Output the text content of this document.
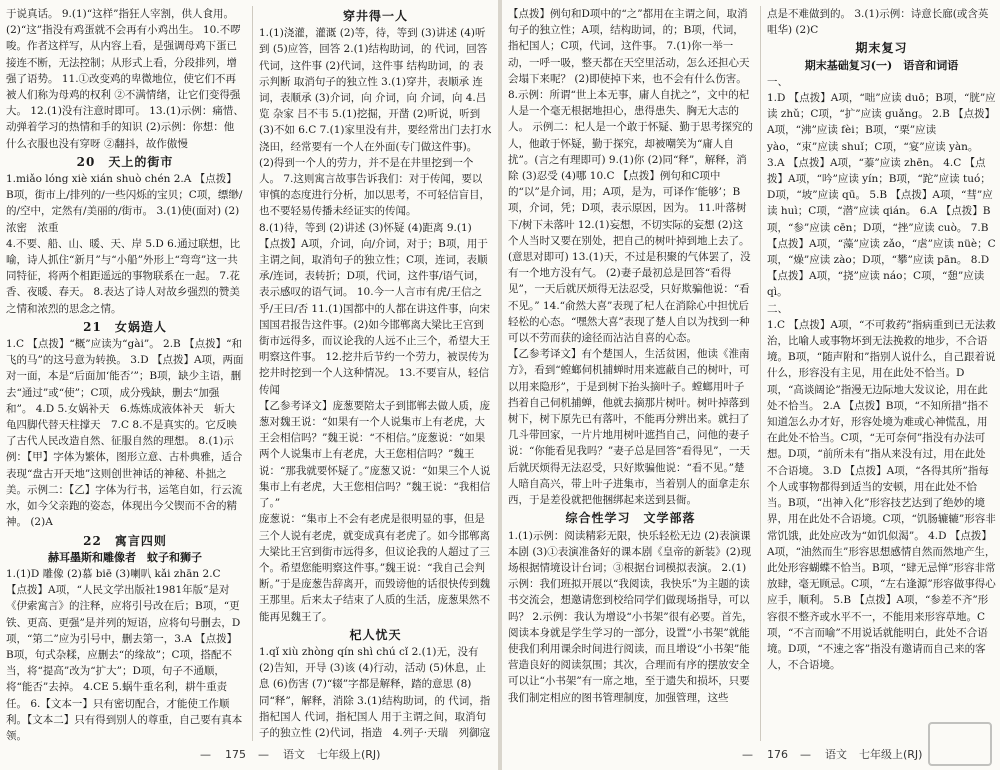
于说真话。 9.(1)“这样”指狂人宰割，供人食用。 (2)“这”指没有鸡蛋就不会再有小鸡出生。 10.不啰唆。作者这样写，从内容上看，是强调母鸡下蛋已接连不断，无法控制；从形式上看，分段排列，增强了语势。 11.①改变鸡的卑微地位，使它们不再被人们称为母鸡的权利 ②不满情绪，让它们变得强大。 12.(1)没有注意时即可。 13.(1)示例：痛惜、动弹着学习的热情和手的知识 (2)示例：你想：他什么衣服也没有穿呀 ②翻抖，故作傲慢

20　天上的街市

1.miǎo lóng xiè xián shuò chén 2.A 【点拨】B项，街市上/排列的/一些闪烁的宝贝；C项，缥缈/的/空中，定然有/美丽的/街市。 3.(1)使(面对) (2)浓密　浓重

4.不要、船、山、暖、天、岸 5.D 6.通过联想，比喻，诗人抓住“新月”与“小船”外形上“弯弯”这一共同特征，将两个相距遥远的事物联系在一起。 7.花香、夜暖、春天。 8.表达了诗人对故乡强烈的赞美之情和浓烈的思念之情。

21　女娲造人

1.C 【点拨】“概”应读为“gài”。 2.B 【点拨】“和飞的马”的这号意为转换。 3.D 【点拨】A项，两面对一面，本是“后面加‘能否’”；B项，缺少主语，删去“通过”或“使”；C项，成分残缺，删去“加强和”。 4.D 5.女娲补天　6.炼炼成液体补天　斩大龟四脚代替天柱撑天　7.C 8.不是真实的。它反映了古代人民改造自然、征服自然的理想。 8.(1)示例：【甲】字体为繁体，图形立意、古朴典雅，适合表现“盘古开天地”这则创世神话的神秘、朴拙之美。示例二：【乙】字体为行书，运笔自如，行云流水，如今父亲跑的姿态，体现出今父锲而不舍的精神。 (2)A

22　寓言四则
赫耳墨斯和雕像者　蚊子和狮子

1.(1)D 雕像 (2)慕 biē (3)喇叭 kǎi zhān 2.C 【点拨】A项，“人民文学出版社1981年版”是对《伊索寓言》的注释，应将引号改在后；B项，“更铁、更高、更强”是并列的短语，应将句号删去，D项，“第二”应为引号中，删去第一，3.A 【点拨】B项，句式杂糅，应删去“的缘故”；C项，搭配不当，将“提高”改为“扩大”；D项，句子不通顺，将“能否”去掉。 4.CE 5.蜗牛重名利，耕牛重责任。 6.【文本一】只有密切配合，才能使工作顺利。【文本二】只有得到别人的尊重，自己要有真本领。

穿井得一人

1.(1)浇灌，灌溉 (2)等，待，等到 (3)讲述 (4)听到 (5)应答，回答 2.(1)结构助词，的 代词，回答 代词，这件事 (2)代词，这件事 结构助词，的 表示判断 取消句子的独立性 3.(1)穿井，表顺承 连词，表顺承 (3)介词，向 介词，向 介词，向 4.吕览 杂家 吕不韦 5.(1)挖掘，开凿 (2)听说，听到 (3)不如 6.C 7.(1)家里没有井，要经常出门去打水浇田，经常要有一个人在外面(专门做这件事)。(2)得到一个人的劳力，并不是在井里挖到一个人。 7.这则寓言故事告诉我们：对于传闻，要以审慎的态度进行分析，加以思考，不可轻信盲目，也不要轻易传播未经证实的传闻。

8.(1)待，等到 (2)讲述 (3)怀疑 (4)距离 9.(1)【点拨】A项，介词，向/介词，对于；B项，用于主谓之间，取消句子的独立性；C项，连词，表顺承/连词，表转折；D项，代词，这件事/语气词，表示感叹的语气词。 10.今一人言市有虎/王信之乎/王曰/否 11.(1)国都中的人都在讲这件事，向宋国国君报告这件事。(2)如今邯郸离大梁比王宫到街市远得多，而议论我的人远不止三个，希望大王明察这件事。 12.挖井后节约一个劳力，被误传为挖井时挖到一个人这种情况。 13.不要盲从，轻信传闻

【乙参考译文】庞葱要陪太子到邯郸去做人质，庞葱对魏王说：“如果有一个人说集市上有老虎，大王会相信吗？”魏王说：“不相信。”庞葱说：“如果两个人说集市上有老虎，大王您相信吗？”魏王说：“那我就要怀疑了。”庞葱又说：“如果三个人说集市上有老虎，大王您相信吗？”魏王说：“我相信了。”

庞葱说：“集市上不会有老虎是很明显的事，但是三个人说有老虎，就变成真有老虎了。如今邯郸离大梁比王宫到街市远得多，但议论我的人超过了三个。希望您能明察这件事。”魏王说：“我自己会判断。”于是庞葱告辞离开，而毁谤他的话很快传到魏王那里。后来太子结束了人质的生活，庞葱果然不能再见魏王了。

杞人忧天

1.qǐ xiù zhòng qín shì chú cǐ 2.(1)无，没有 (2)告知，开导 (3)该 (4)行动，活动 (5)休息，止息 (6)伤害 (7)“辍”字都是解释，踏的意思 (8)同“释”，解释，消除 3.(1)结构助词，的 代词，指 指杞国人 代词，指杞国人 用于主谓之间，取消句子的独立性 (2)代词，指造　4.列子·天瑞　列御寇　　

— 175 — 语文 七年级上(RJ)

【点拨】例句和D项中的“之”都用在主谓之间，取消句子的独立性；A项，结构助词，的；B项，代词，指杞国人；C项，代词，这件事。 7.(1)你一举一动，一呼一吸，整天都在天空里活动，怎么还担心天会塌下来呢？ (2)即使掉下来，也不会有什么伤害。 8.示例：所谓“世上本无事，庸人自扰之”，文中的杞人是一个毫无根据地担心，患得患失、胸无大志的人。 示例二：杞人是一个敢于怀疑、勤于思考探究的人，他敢于怀疑，勤于探究，却被嘲笑为“庸人自扰”。(言之有理即可) 9.(1)你 (2)同“释”，解释，消除 (3)忍受 (4)哪 10.C 【点拨】例句和C项中的“以”是介词，用；A项，是为，可译作‘能够’；B项，介词，凭；D项，表示原因，因为。 11.叶落树下/树下未落叶 12.(1)妄想，不切实际的妄想 (2)这个人当时又要在别处，把自己的树叶掉到地上去了。(意思对即可) 13.(1)天，不过是积聚的气体罢了，没有一个地方没有气。 (2)妻子最初总是回答“看得见”，一天后就厌烦得无法忍受，只好欺骗他说：“看不见。” 14.“俞然大喜”表现了杞人在消除心中担忧后轻松的心态。“嘿然大喜”表现了楚人自以为找到一种可以不劳而获的途径而沾沾自喜的心态。

【乙参考译文】有个楚国人，生活贫困，他读《淮南方》，看到“螳螂伺机捕蝉时用来遮蔽自己的树叶，可以用来隐形”，于是到树下抬头摘叶子。螳螂用叶子挡着自己伺机捕蝉，他就去摘那片树叶。树叶掉落到树下，树下原先已有落叶，不能再分辨出来。就扫了几斗带回家，一片片地用树叶遮挡自己，问他的妻子说：“你能看见我吗？”妻子总是回答“看得见”，一天后就厌烦得无法忍受，只好欺骗他说：“看不见。”楚人暗自高兴，带上叶子进集市，当着别人的面拿走东西，于是差役就把他捆绑起来送到县衙。

综合性学习　文学部落

1.(1)示例：阅读精彩无限，快乐轻松无边 (2)表演课本剧 (3)①表演准备好的课本剧《皇帝的新装》(2)现场根据情境设计台词；③根据台词模拟表演。 2.(1)示例：我们班拟开展以“我阅读，我快乐”为主题的读书交流会，想邀请您到校给同学们做现场指导，可以吗？ 2.示例：我认为增设“小书架”很有必要。首先，阅读本身就是学生学习的一部分，设置“小书架”就能使我们利用课余时间进行阅读，而且增设“小书架”能营造良好的阅读氛围；其次，合理而有序的摆放安全可以让“小书架”有一席之地，至于遗失和损坏，只要我们制定相应的图书管理制度，加强管理，这些

点是不难做到的。 3.(1)示例：诗意长廊(或含英咀华) (2)C

期末复习
期末基础复习(一)　语音和词语

一、

1.D 【点拨】A项，“咄”应读 duō；B项，“胱”应读 zhǔ；C项，“扩”应读 guǎng。 2.B 【点拨】A项，“沸”应读 fèi；B项，“栗”应读 yào，“束”应读 shuǐ；C项，“宴”应读 yàn。 3.A 【点拨】A项，“蓁”应读 zhēn。 4.C 【点拨】A项，“吟”应读 yín；B项，“跎”应读 tuó；D项，“坡”应读 qū。 5.B 【点拨】A项，“彗”应读 huì；C项，“潜”应读 qián。 6.A 【点拨】B项，“参”应读 cēn；D项，“挫”应读 cuò。 7.B 【点拨】A项，“藻”应读 zǎo，“虐”应读 nüè；C项，“燥”应读 zào；D项，“攀”应读 pān。 8.D 【点拨】A项，“挠”应读 náo；C项，“憩”应读 qì。

二、

1.C 【点拨】A项，“不可救药”指病重到已无法救治，比喻人或事物坏到无法挽救的地步，不合语境。B项，“随声附和”指别人说什么，自己跟着说什么，形容没有主见，用在此处不恰当。D项，“高谈阔论”指漫无边际地大发议论，用在此处不恰当。 2.A 【点拨】B项，“不知所措”指不知道怎么办才好，形容处境为难或心神慌乱，用在此处不恰当。C项，“无可奈何”指没有办法可想。D项，“前所未有”指从来没有过，用在此处不合语境。 3.D 【点拨】A项，“各得其所”指每个人或事物都得到适当的安顿，用在此处不恰当。B项，“出神入化”形容技艺达到了绝妙的境界，用在此处不合语境。C项，“饥肠辘辘”形容非常饥饿，此处应改为“如饥似渴”。 4.D 【点拨】A项，“油然而生”形容思想感情自然而然地产生，此处形容蝴蝶不恰当。B项，“肆无忌惮”形容非常放肆，毫无顾忌。C项，“左右逢源”形容做事得心应手，顺利。 5.B 【点拨】A项，“参差不齐”形容很不整齐或水平不一，不能用来形容草地。C项，“不言而喻”不用说话就能明白，此处不合语境。D项，“不速之客”指没有邀请而自己来的客人，不合语境。

— 176 — 语文 七年级上(RJ)
